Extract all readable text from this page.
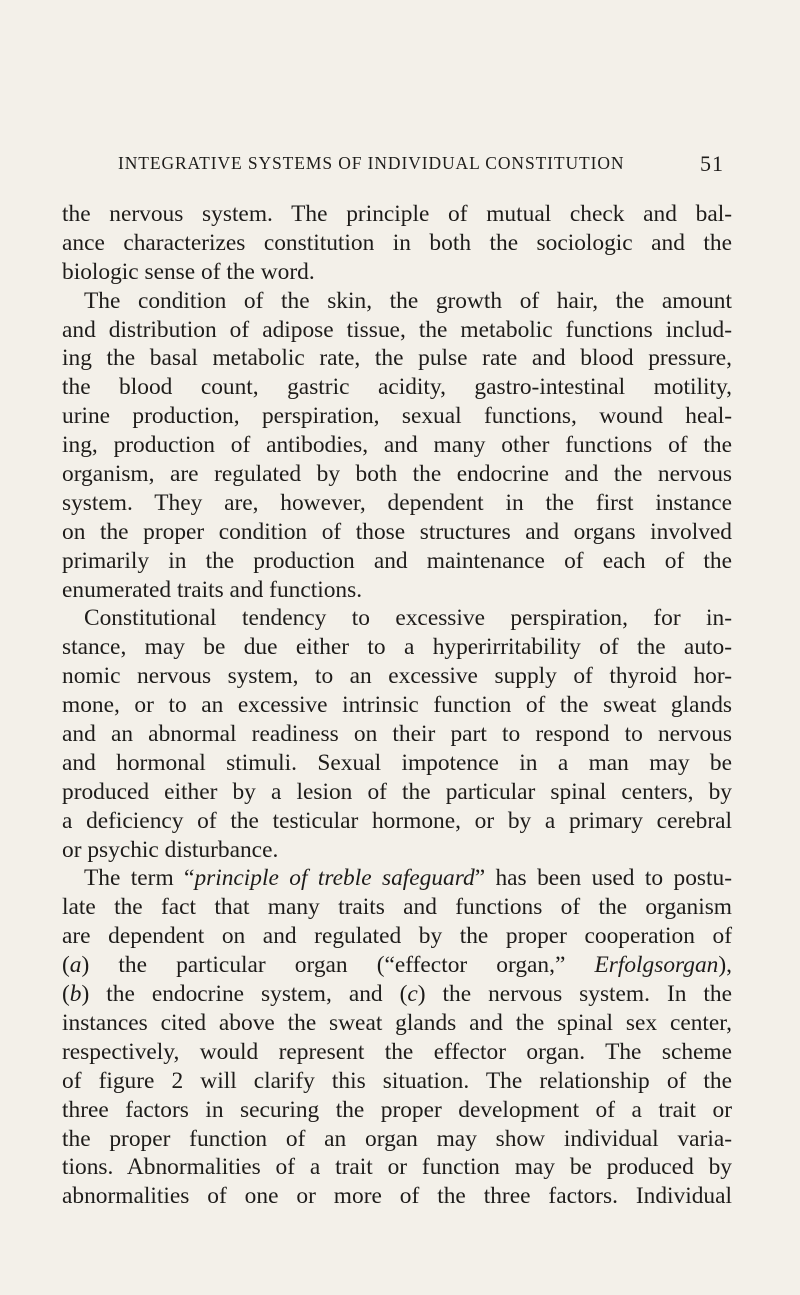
INTEGRATIVE SYSTEMS OF INDIVIDUAL CONSTITUTION	51
the nervous system. The principle of mutual check and bal-
ance characterizes constitution in both the sociologic and the
biologic sense of the word.
The condition of the skin, the growth of hair, the amount
and distribution of adipose tissue, the metabolic functions includ-
ing the basal metabolic rate, the pulse rate and blood pressure,
the blood count, gastric acidity, gastro-intestinal motility,
urine production, perspiration, sexual functions, wound heal-
ing, production of antibodies, and many other functions of the
organism, are regulated by both the endocrine and the nervous
system. They are, however, dependent in the first instance
on the proper condition of those structures and organs involved
primarily in the production and maintenance of each of the
enumerated traits and functions.
Constitutional tendency to excessive perspiration, for in-
stance, may be due either to a hyperirritability of the auto-
nomic nervous system, to an excessive supply of thyroid hor-
mone, or to an excessive intrinsic function of the sweat glands
and an abnormal readiness on their part to respond to nervous
and hormonal stimuli. Sexual impotence in a man may be
produced either by a lesion of the particular spinal centers, by
a deficiency of the testicular hormone, or by a primary cerebral
or psychic disturbance.
The term “principle of treble safeguard” has been used to postu-
late the fact that many traits and functions of the organism
are dependent on and regulated by the proper cooperation of
(a) the particular organ (“effector organ,” Erfolgsorgan),
(b) the endocrine system, and (c) the nervous system. In the
instances cited above the sweat glands and the spinal sex center,
respectively, would represent the effector organ. The scheme
of figure 2 will clarify this situation. The relationship of the
three factors in securing the proper development of a trait or
the proper function of an organ may show individual varia-
tions. Abnormalities of a trait or function may be produced by
abnormalities of one or more of the three factors. Individual
